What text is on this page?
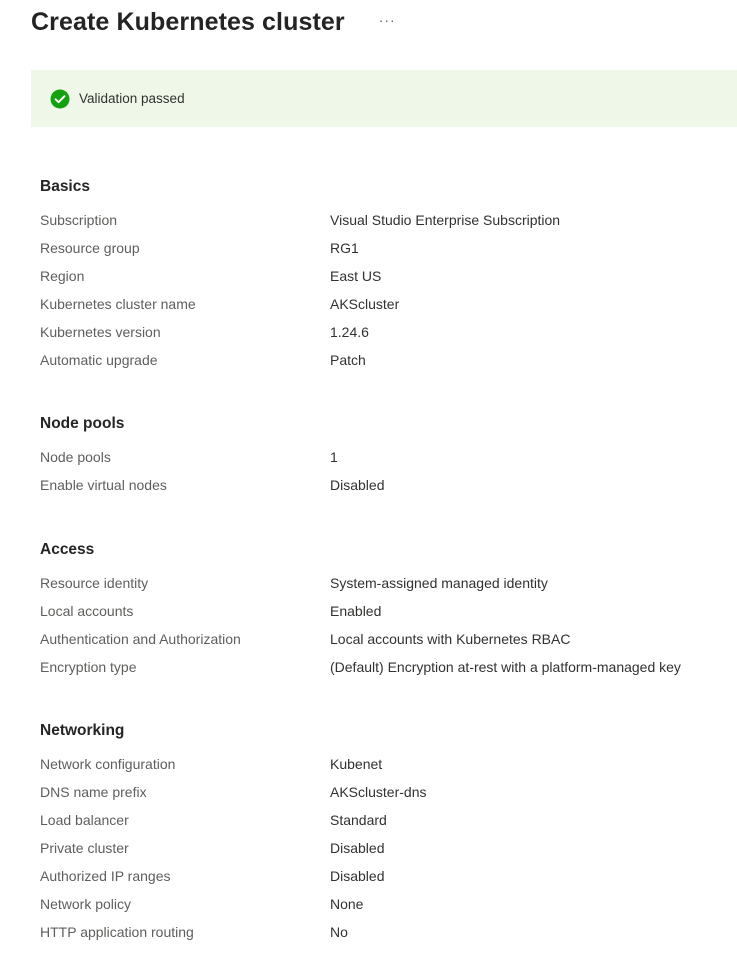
Create Kubernetes cluster ···
Validation passed
Basics
Subscription	Visual Studio Enterprise Subscription
Resource group	RG1
Region	East US
Kubernetes cluster name	AKScluster
Kubernetes version	1.24.6
Automatic upgrade	Patch
Node pools
Node pools	1
Enable virtual nodes	Disabled
Access
Resource identity	System-assigned managed identity
Local accounts	Enabled
Authentication and Authorization	Local accounts with Kubernetes RBAC
Encryption type	(Default) Encryption at-rest with a platform-managed key
Networking
Network configuration	Kubenet
DNS name prefix	AKScluster-dns
Load balancer	Standard
Private cluster	Disabled
Authorized IP ranges	Disabled
Network policy	None
HTTP application routing	No
